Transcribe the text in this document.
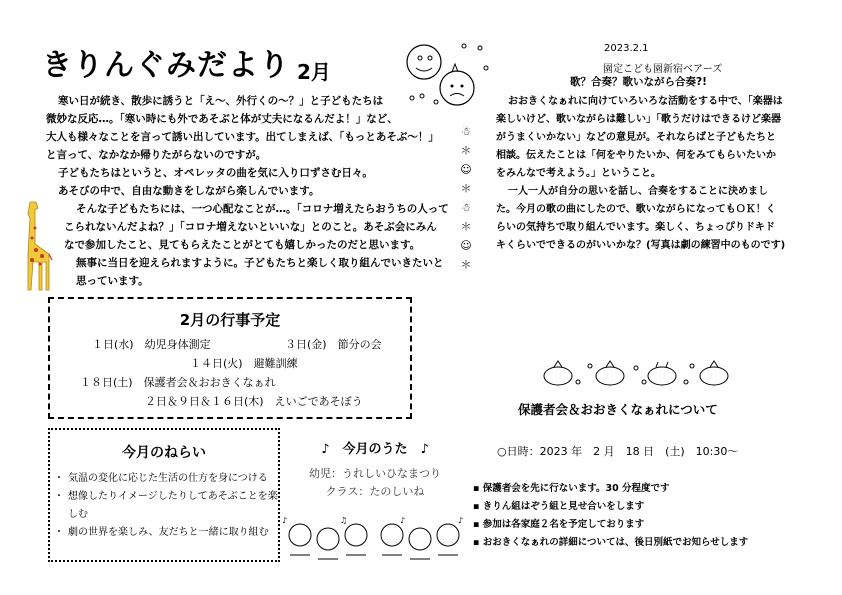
きりんぐみだより 2月
寒い日が続き、散歩に誘うと「え～、外行くの～？」と子どもたちは
微妙な反応…。「寒い時にも外であそぶと体が丈夫になるんだよ！」など、
大人も様々なことを言って誘い出しています。出てしまえば、「もっとあそぶ～！」
と言って、なかなか帰りたがらないのですが。
子どもたちはというと、オペレッタの曲を気に入り口ずさむ日々。
あそびの中で、自由な動きをしながら楽しんでいます。
そんな子どもたちには、一つ心配なことが…。「コロナ増えたらおうちの人って
こられないんだよね？」「コロナ増えないといいな」とのこと。あそぶ会にみん
なで参加したこと、見てもらえたことがとても嬉しかったのだと思います。
無事に当日を迎えられますように。子どもたちと楽しく取り組んでいきたいと
思っています。
☃
＊
☺
＊
☃
＊
☺
＊
2月の行事予定
１日(水)　幼児身体測定	３日(金)　節分の会
１４日(火)　避難訓練
１８日(土)　保護者会＆おおきくなぁれ
２日＆９日＆１６日(木)　えいごであそぼう
今月のねらい
・ 気温の変化に応じた生活の仕方を身につける
・ 想像したりイメージしたりしてあそぶことを楽しむ
・ 劇の世界を楽しみ、友だちと一緒に取り組む
♪　今月のうた　♪
幼児：うれしいひなまつり
クラス：たのしいね
♪	♫	♪	♪
2023.2.1
園定こども園新宿ベアーズ
歌？合奏？歌いながら合奏?!
おおきくなぁれに向けていろいろな活動をする中で、「楽器は
楽しいけど、歌いながらは難しい」「歌うだけはできるけど楽器
がうまくいかない」などの意見が。それならばと子どもたちと
相談。伝えたことは「何をやりたいか、何をみてもらいたいか
をみんなで考えよう。」ということ。
一人一人が自分の思いを話し、合奏をすることに決めまし
た。今月の歌の曲にしたので、歌いながらになってもＯＫ！く
らいの気持ちで取り組んでいます。楽しく、ちょっぴりドキド
キくらいでできるのがいいかな？(写真は劇の練習中のものです)
保護者会＆おおきくなぁれについて
○日時：2023 年　2 月　18 日　(土)　10:30～
▪ 保護者会を先に行ないます。30 分程度です
▪ きりん組はぞう組と見せ合いをします
▪ 参加は各家庭２名を予定しております
▪ おおきくなぁれの詳細については、後日別紙でお知らせします
